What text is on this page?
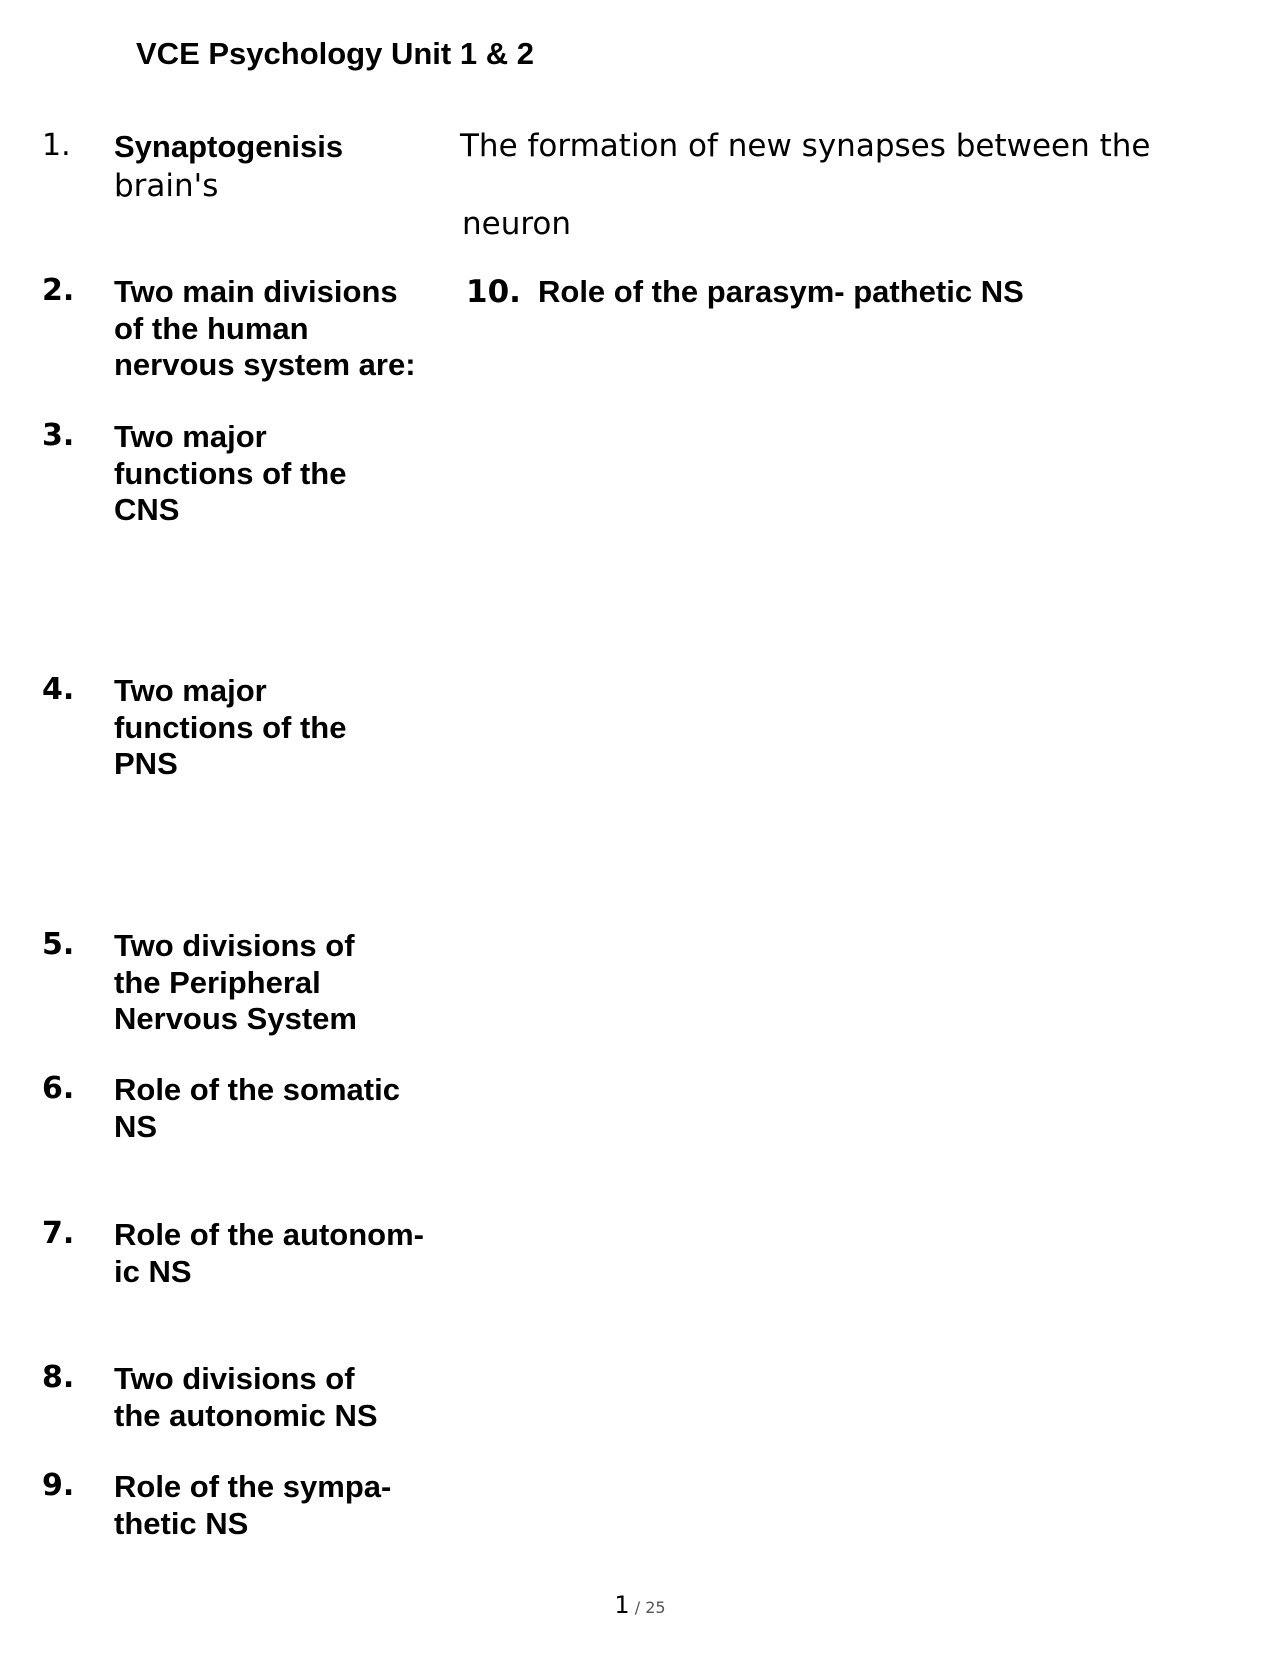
VCE Psychology Unit 1 & 2
1. Synaptogenisis	The formation of new synapses between the
brain's
neuron
2. Two main divisions
of the human
nervous system are:
3. Two major
functions of the
CNS
4. Two major
functions of the
PNS
5. Two divisions of
the Peripheral
Nervous System
6. Role of the somatic
NS
7. Role of the autonom-
ic NS
8. Two divisions of
the autonomic NS
9. Role of the sympa-
thetic NS
10. Role of the parasym- pathetic NS
1 / 25
